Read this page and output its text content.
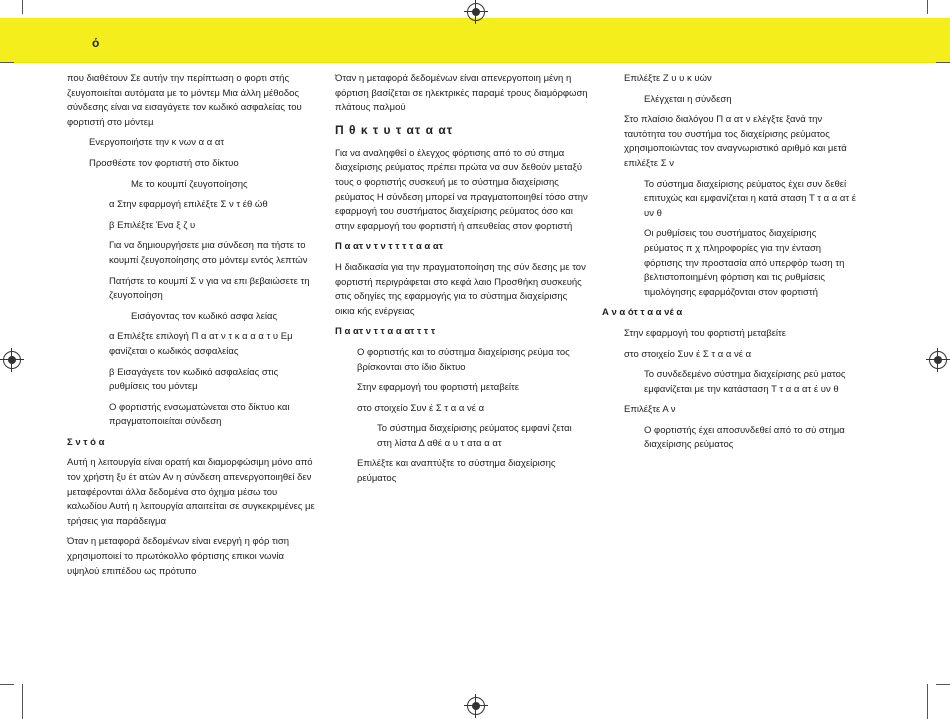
ό

που διαθέτουν Σε αυτήν την περίπτωση ο φορτι στής ζευγοποιείται αυτόματα με το μόντεμ Μια άλλη μέθοδος σύνδεσης είναι να εισαγάγετε τον κωδικό ασφαλείας του φορτιστή στο μόντεμ

Ενεργοποιήστε την κ νων α α ατ

Προσθέστε τον φορτιστή στο δίκτυο

Με το κουμπί ζευγοποίησης

α Στην εφαρμογή επιλέξτε Σ ν τ έθ ώθ

β Επιλέξτε Ένα ξ ζ υ

Για να δημιουργήσετε μια σύνδεση πα τήστε το κουμπί ζευγοποίησης στο μόντεμ εντός λεπτών

Πατήστε το κουμπί Σ ν για να επι βεβαιώσετε τη ζευγοποίηση

Εισάγοντας τον κωδικό ασφα λείας

α Επιλέξτε επιλογή Π α ατ ν τ κ α α α τ υ Εμ φανίζεται ο κωδικός ασφαλείας

β Εισαγάγετε τον κωδικό ασφαλείας στις ρυθμίσεις του μόντεμ

Ο φορτιστής ενσωματώνεται στο δίκτυο και πραγματοποιείται σύνδεση

Σ ν τ ό α

Αυτή η λειτουργία είναι ορατή και διαμορφώσιμη μόνο από τον χρήστη ξυ έτ ατών Αν η σύνδεση απενεργοποιηθεί δεν μεταφέρονται άλλα δεδομένα στο όχημα μέσω του καλωδίου Αυτή η λειτουργία απαιτείται σε συγκεκριμένες με τρήσεις για παράδειγμα

Όταν η μεταφορά δεδομένων είναι ενεργή η φόρ τιση χρησιμοποιεί το πρωτόκολλο φόρτισης επικοι νωνία υψηλού επιπέδου ως πρότυπο

Όταν η μεταφορά δεδομένων είναι απενεργοποιη μένη η φόρτιση βασίζεται σε ηλεκτρικές παραμέ τρους διαμόρφωση πλάτους παλμού

Π θ κ τ υ τ ατ α ατ

Για να αναληφθεί ο έλεγχος φόρτισης από το σύ στημα διαχείρισης ρεύματος πρέπει πρώτα να συν δεθούν μεταξύ τους ο φορτιστής συσκευή με το σύστημα διαχείρισης ρεύματος Η σύνδεση μπορεί να πραγματοποιηθεί τόσο στην εφαρμογή του συστήματος διαχείρισης ρεύματος όσο και στην εφαρμογή του φορτιστή ή απευθείας στον φορτιστή

Π α ατ ν τ ν τ τ τ τ α α ατ

Η διαδικασία για την πραγματοποίηση της σύν δεσης με τον φορτιστή περιγράφεται στο κεφά λαιο Προσθήκη συσκευής στις οδηγίες της εφαρμογής για το σύστημα διαχείρισης οικια κής ενέργειας

Π α ατ ν τ τ α α ατ τ τ τ

Ο φορτιστής και το σύστημα διαχείρισης ρεύμα τος βρίσκονται στο ίδιο δίκτυο

Στην εφαρμογή του φορτιστή μεταβείτε

στο στοιχείο Συν έ Σ τ α α νέ α

Το σύστημα διαχείρισης ρεύματος εμφανί ζεται στη λίστα Δ αθέ α υ τ ατα α ατ

Επιλέξτε και αναπτύξτε το σύστημα διαχείρισης ρεύματος

Επιλέξτε Ζ υ υ κ υών

Ελέγχεται η σύνδεση

Στο πλαίσιο διαλόγου Π α ατ ν ελέγξτε ξανά την ταυτότητα του συστήμα τος διαχείρισης ρεύματος χρησιμοποιώντας τον αναγνωριστικό αριθμό και μετά επιλέξτε Σ ν

Το σύστημα διαχείρισης ρεύματος έχει συν δεθεί επιτυχώς και εμφανίζεται η κατά σταση Τ τ α α ατ έ υν θ

Οι ρυθμίσεις του συστήματος διαχείρισης ρεύματος π χ πληροφορίες για την ένταση φόρτισης την προστασία από υπερφόρ τωση τη βελτιστοποιημένη φόρτιση και τις ρυθμίσεις τιμολόγησης εφαρμόζονται στον φορτιστή

Α ν α ότ τ α α νέ α

Στην εφαρμογή του φορτιστή μεταβείτε

στο στοιχείο Συν έ Σ τ α α νέ α

Το συνδεδεμένο σύστημα διαχείρισης ρεύ ματος εμφανίζεται με την κατάσταση Τ τ α α ατ έ υν θ

Επιλέξτε Α ν

Ο φορτιστής έχει αποσυνδεθεί από το σύ στημα διαχείρισης ρεύματος
